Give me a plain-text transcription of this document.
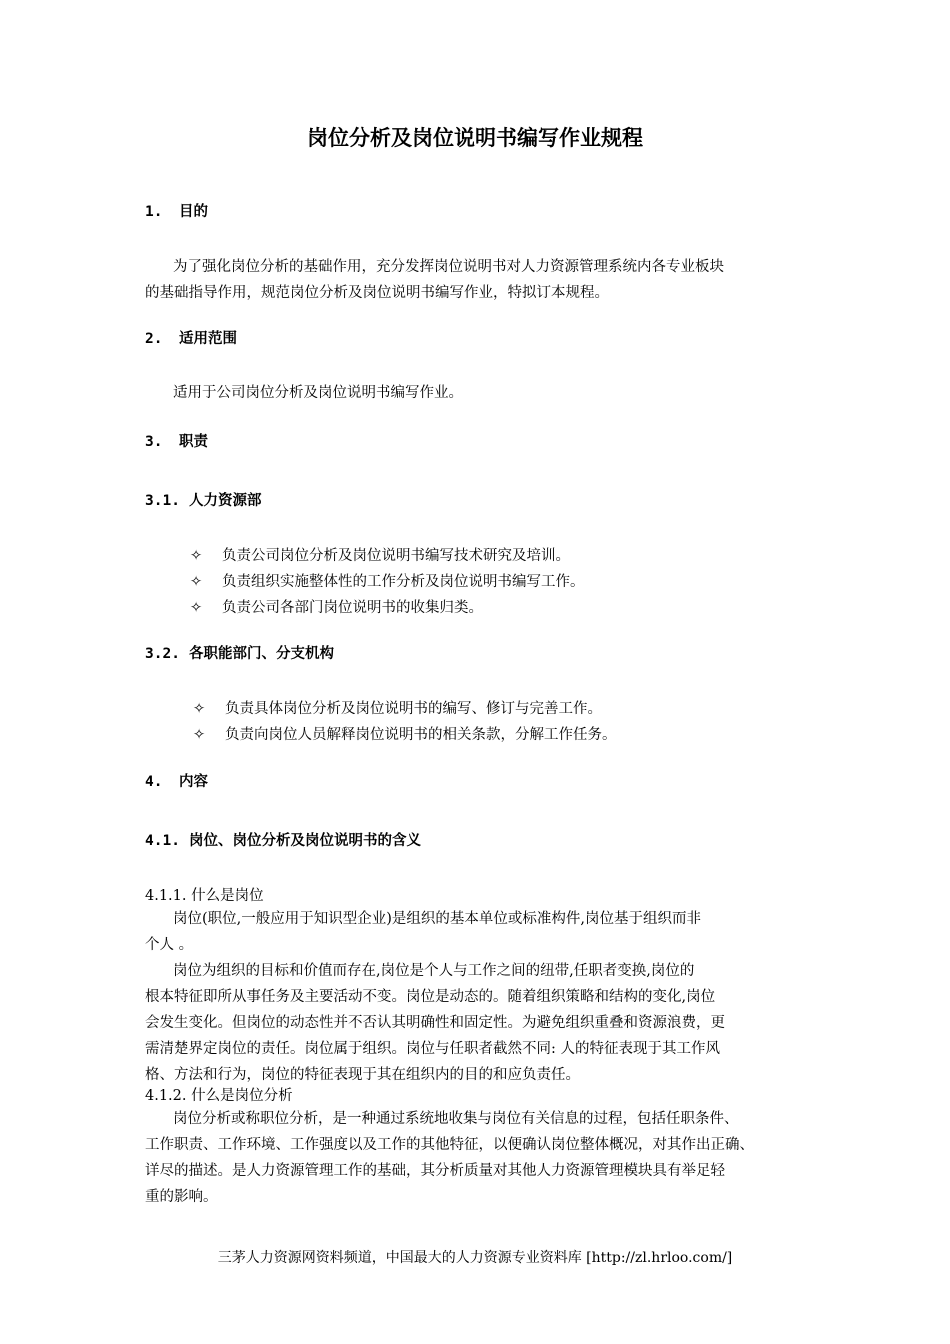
岗位分析及岗位说明书编写作业规程
1. 目的
为了强化岗位分析的基础作用，充分发挥岗位说明书对人力资源管理系统内各专业板块
的基础指导作用，规范岗位分析及岗位说明书编写作业，特拟订本规程。
2. 适用范围
适用于公司岗位分析及岗位说明书编写作业。
3. 职责
3.1. 人力资源部
✧ 负责公司岗位分析及岗位说明书编写技术研究及培训。
✧ 负责组织实施整体性的工作分析及岗位说明书编写工作。
✧ 负责公司各部门岗位说明书的收集归类。
3.2. 各职能部门、分支机构
✧ 负责具体岗位分析及岗位说明书的编写、修订与完善工作。
✧ 负责向岗位人员解释岗位说明书的相关条款，分解工作任务。
4. 内容
4.1. 岗位、岗位分析及岗位说明书的含义
4.1.1. 什么是岗位
岗位(职位,一般应用于知识型企业)是组织的基本单位或标准构件,岗位基于组织而非
个人 。
岗位为组织的目标和价值而存在,岗位是个人与工作之间的纽带,任职者变换,岗位的
根本特征即所从事任务及主要活动不变。岗位是动态的。随着组织策略和结构的变化,岗位
会发生变化。但岗位的动态性并不否认其明确性和固定性。为避免组织重叠和资源浪费，更
需清楚界定岗位的责任。岗位属于组织。岗位与任职者截然不同: 人的特征表现于其工作风
格、方法和行为，岗位的特征表现于其在组织内的目的和应负责任。
4.1.2. 什么是岗位分析
岗位分析或称职位分析，是一种通过系统地收集与岗位有关信息的过程，包括任职条件、
工作职责、工作环境、工作强度以及工作的其他特征，以便确认岗位整体概况，对其作出正确、
详尽的描述。是人力资源管理工作的基础，其分析质量对其他人力资源管理模块具有举足轻
重的影响。
三茅人力资源网资料频道，中国最大的人力资源专业资料库 [http://zl.hrloo.com/]
